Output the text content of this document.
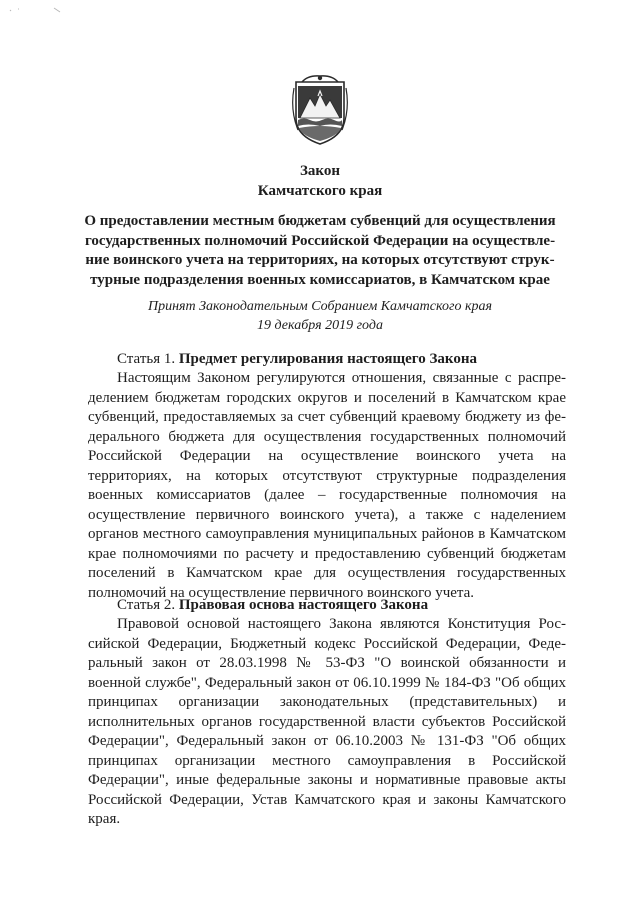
Закон
Камчатского края
О предоставлении местным бюджетам субвенций для осуществления государственных полномочий Российской Федерации на осуществление воинского учета на территориях, на которых отсутствуют структурные подразделения военных комиссариатов, в Камчатском крае
Принят Законодательным Собранием Камчатского края
19 декабря 2019 года
Статья 1. Предмет регулирования настоящего Закона

Настоящим Законом регулируются отношения, связанные с распределением бюджетам городских округов и поселений в Камчатском крае субвенций, предоставляемых за счет субвенций краевому бюджету из федерального бюджета для осуществления государственных полномочий Российской Федерации на осуществление воинского учета на территориях, на которых отсутствуют структурные подразделения военных комиссариатов (далее – государственные полномочия на осуществление первичного воинского учета), а также с наделением органов местного самоуправления муниципальных районов в Камчатском крае полномочиями по расчету и предоставлению субвенций бюджетам поселений в Камчатском крае для осуществления государственных полномочий на осуществление первичного воинского учета.

Статья 2. Правовая основа настоящего Закона

Правовой основой настоящего Закона являются Конституция Российской Федерации, Бюджетный кодекс Российской Федерации, Федеральный закон от 28.03.1998 № 53-ФЗ "О воинской обязанности и военной службе", Федеральный закон от 06.10.1999 № 184-ФЗ "Об общих принципах организации законодательных (представительных) и исполнительных органов государственной власти субъектов Российской Федерации", Федеральный закон от 06.10.2003 № 131-ФЗ "Об общих принципах организации местного самоуправления в Российской Федерации", иные федеральные законы и нормативные правовые акты Российской Федерации, Устав Камчатского края и законы Камчатского края.
